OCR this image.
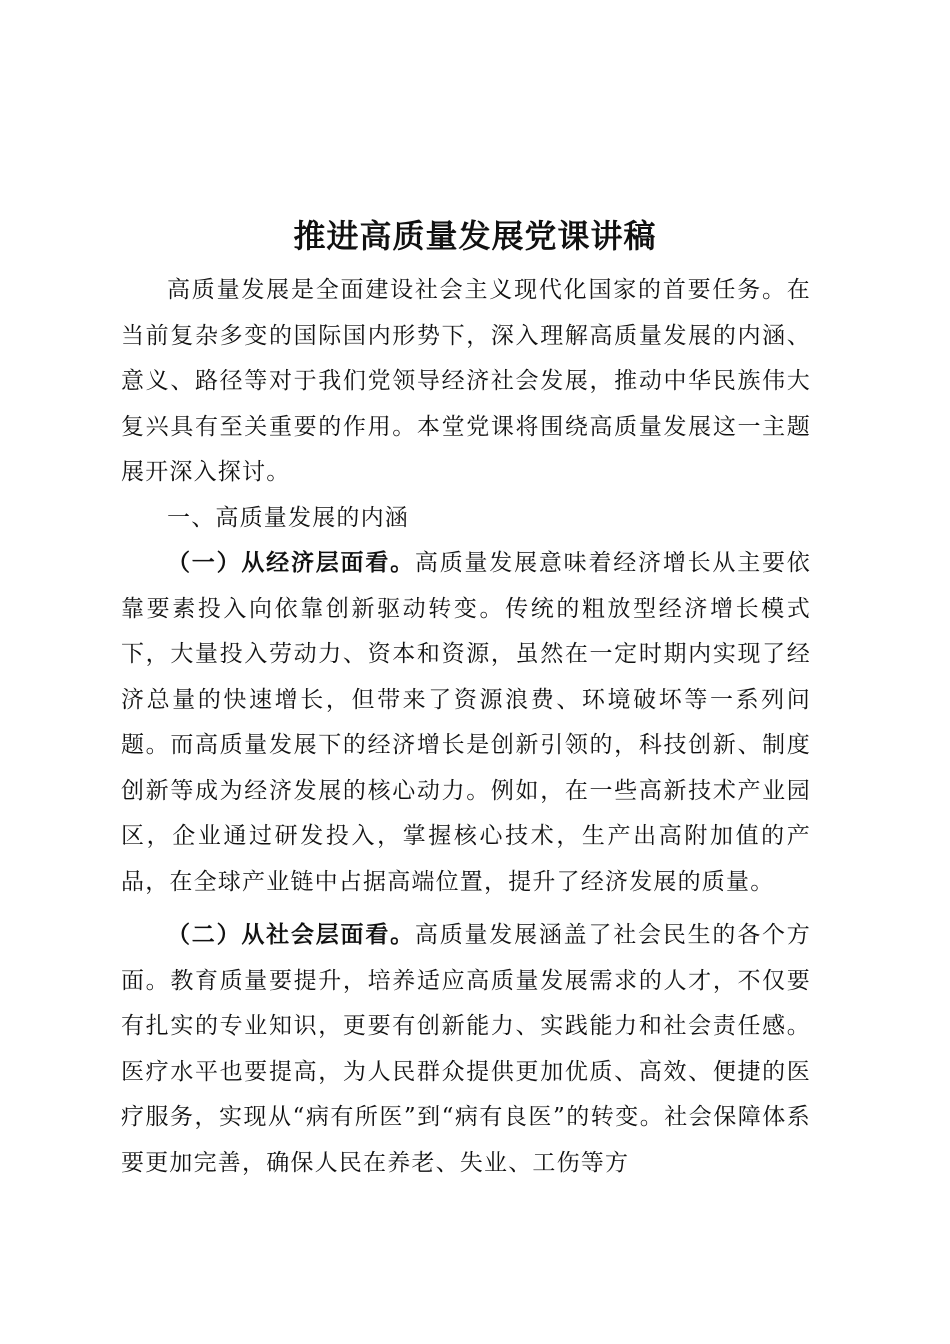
推进高质量发展党课讲稿

高质量发展是全面建设社会主义现代化国家的首要任务。在当前复杂多变的国际国内形势下，深入理解高质量发展的内涵、意义、路径等对于我们党领导经济社会发展，推动中华民族伟大复兴具有至关重要的作用。本堂党课将围绕高质量发展这一主题展开深入探讨。

一、高质量发展的内涵

（一）从经济层面看。高质量发展意味着经济增长从主要依靠要素投入向依靠创新驱动转变。传统的粗放型经济增长模式下，大量投入劳动力、资本和资源，虽然在一定时期内实现了经济总量的快速增长，但带来了资源浪费、环境破坏等一系列问题。而高质量发展下的经济增长是创新引领的，科技创新、制度创新等成为经济发展的核心动力。例如，在一些高新技术产业园区，企业通过研发投入，掌握核心技术，生产出高附加值的产品，在全球产业链中占据高端位置，提升了经济发展的质量。

（二）从社会层面看。高质量发展涵盖了社会民生的各个方面。教育质量要提升，培养适应高质量发展需求的人才，不仅要有扎实的专业知识，更要有创新能力、实践能力和社会责任感。医疗水平也要提高，为人民群众提供更加优质、高效、便捷的医疗服务，实现从“病有所医”到“病有良医”的转变。社会保障体系要更加完善，确保人民在养老、失业、工伤等方
